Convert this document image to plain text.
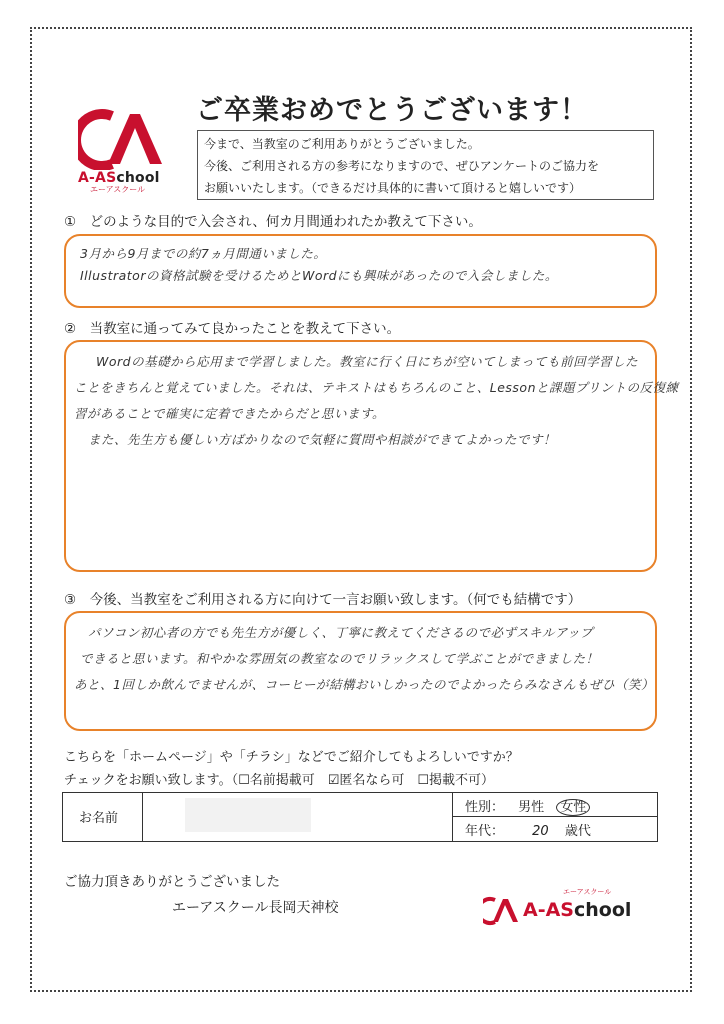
A-ASchool
エーアスクール
ご卒業おめでとうございます！
今まで、当教室のご利用ありがとうございました。
今後、ご利用される方の参考になりますので、ぜひアンケートのご協力を
お願いいたします。（できるだけ具体的に書いて頂けると嬉しいです）
①　どのような目的で入会され、何カ月間通われたか教えて下さい。
3月から9月までの約7ヵ月間通いました。
Illustratorの資格試験を受けるためとWordにも興味があったので入会しました。
②　当教室に通ってみて良かったことを教えて下さい。
Wordの基礎から応用まで学習しました。教室に行く日にちが空いてしまっても前回学習した
ことをきちんと覚えていました。それは、テキストはもちろんのこと、Lessonと課題プリントの反復練
習があることで確実に定着できたからだと思います。
また、先生方も優しい方ばかりなので気軽に質問や相談ができてよかったです！
③　今後、当教室をご利用される方に向けて一言お願い致します。（何でも結構です）
パソコン初心者の方でも先生方が優しく、丁寧に教えてくださるので必ずスキルアップ
できると思います。和やかな雰囲気の教室なのでリラックスして学ぶことができました！
あと、1回しか飲んでませんが、コーヒーが結構おいしかったのでよかったらみなさんもぜひ（笑）
こちらを「ホームページ」や「チラシ」などでご紹介してもよろしいですか？
チェックをお願い致します。（☐名前掲載可　☑匿名なら可　☐掲載不可）
お名前
性別： 男性 女性
年代： 20 歳代
ご協力頂きありがとうございました
エーアスクール長岡天神校	A-ASchool
エーアスクール
